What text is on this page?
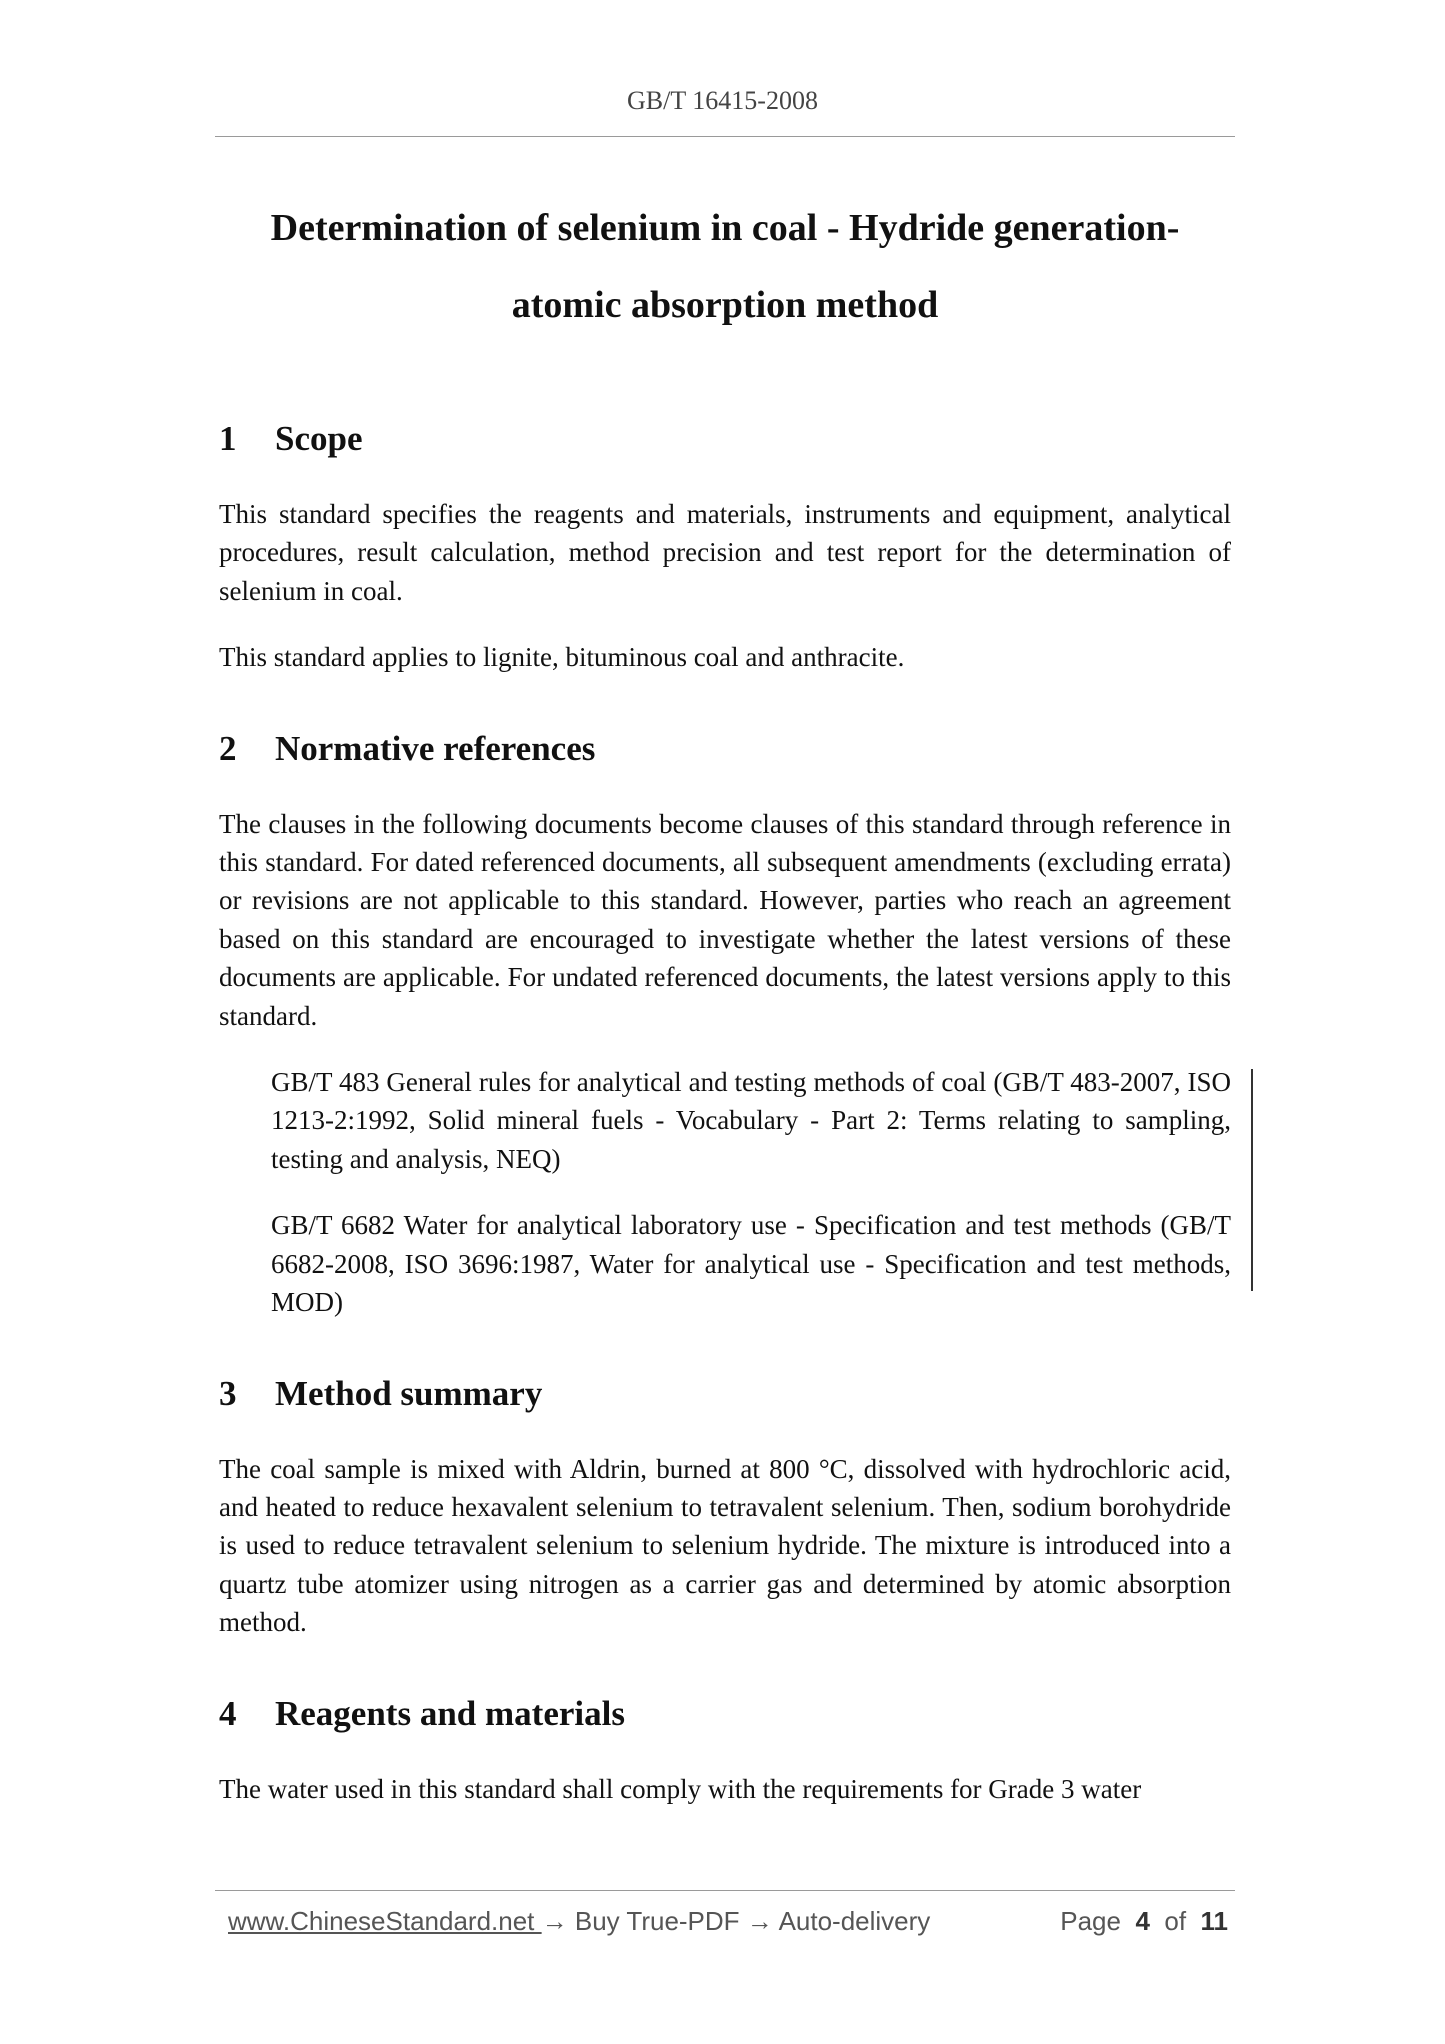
GB/T 16415-2008
Determination of selenium in coal - Hydride generation-
atomic absorption method
1 Scope

This standard specifies the reagents and materials, instruments and equipment, analytical procedures, result calculation, method precision and test report for the determination of selenium in coal.

This standard applies to lignite, bituminous coal and anthracite.

2 Normative references

The clauses in the following documents become clauses of this standard through reference in this standard. For dated referenced documents, all subsequent amendments (excluding errata) or revisions are not applicable to this standard. However, parties who reach an agreement based on this standard are encouraged to investigate whether the latest versions of these documents are applicable. For undated referenced documents, the latest versions apply to this standard.

GB/T 483 General rules for analytical and testing methods of coal (GB/T 483-2007, ISO 1213-2:1992, Solid mineral fuels - Vocabulary - Part 2: Terms relating to sampling, testing and analysis, NEQ)

GB/T 6682 Water for analytical laboratory use - Specification and test methods (GB/T 6682-2008, ISO 3696:1987, Water for analytical use - Specification and test methods, MOD)

3 Method summary

The coal sample is mixed with Aldrin, burned at 800 °C, dissolved with hydrochloric acid, and heated to reduce hexavalent selenium to tetravalent selenium. Then, sodium borohydride is used to reduce tetravalent selenium to selenium hydride. The mixture is introduced into a quartz tube atomizer using nitrogen as a carrier gas and determined by atomic absorption method.

4 Reagents and materials

The water used in this standard shall comply with the requirements for Grade 3 water

www.ChineseStandard.net → Buy True-PDF → Auto-delivery	Page 4 of 11
